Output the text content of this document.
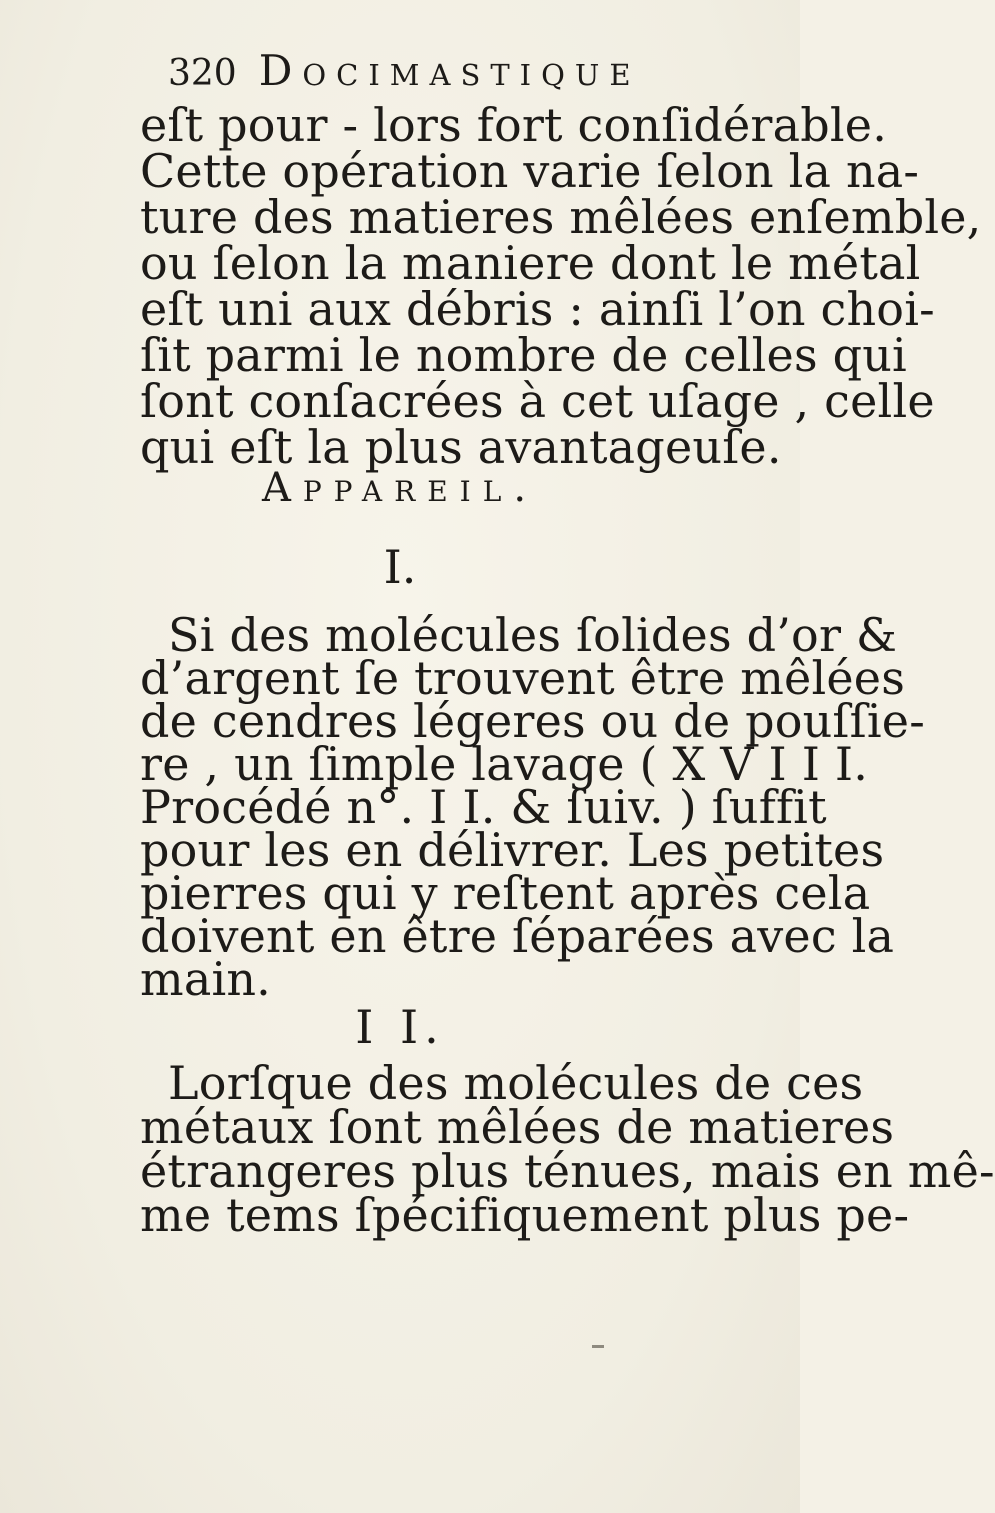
320 Docimastique
eſt pour - lors fort conſidérable.
Cette opération varie ſelon la na-
ture des matieres mêlées enſemble,
ou ſelon la maniere dont le métal
eſt uni aux débris : ainſi l’on choi-
ſit parmi le nombre de celles qui
ſont conſacrées à cet uſage , celle
qui eſt la plus avantageuſe.
Appareil.
I.
Si des molécules ſolides d’or &
d’argent ſe trouvent être mêlées
de cendres légeres ou de pouſſie-
re , un ſimple lavage ( X V I I I.
Procédé n°. I I. & ſuiv. ) ſuffit
pour les en délivrer. Les petites
pierres qui y reſtent après cela
doivent en être ſéparées avec la
main.
I I.
Lorſque des molécules de ces
métaux ſont mêlées de matieres
étrangeres plus ténues, mais en mê-
me tems ſpécifiquement plus pe-
